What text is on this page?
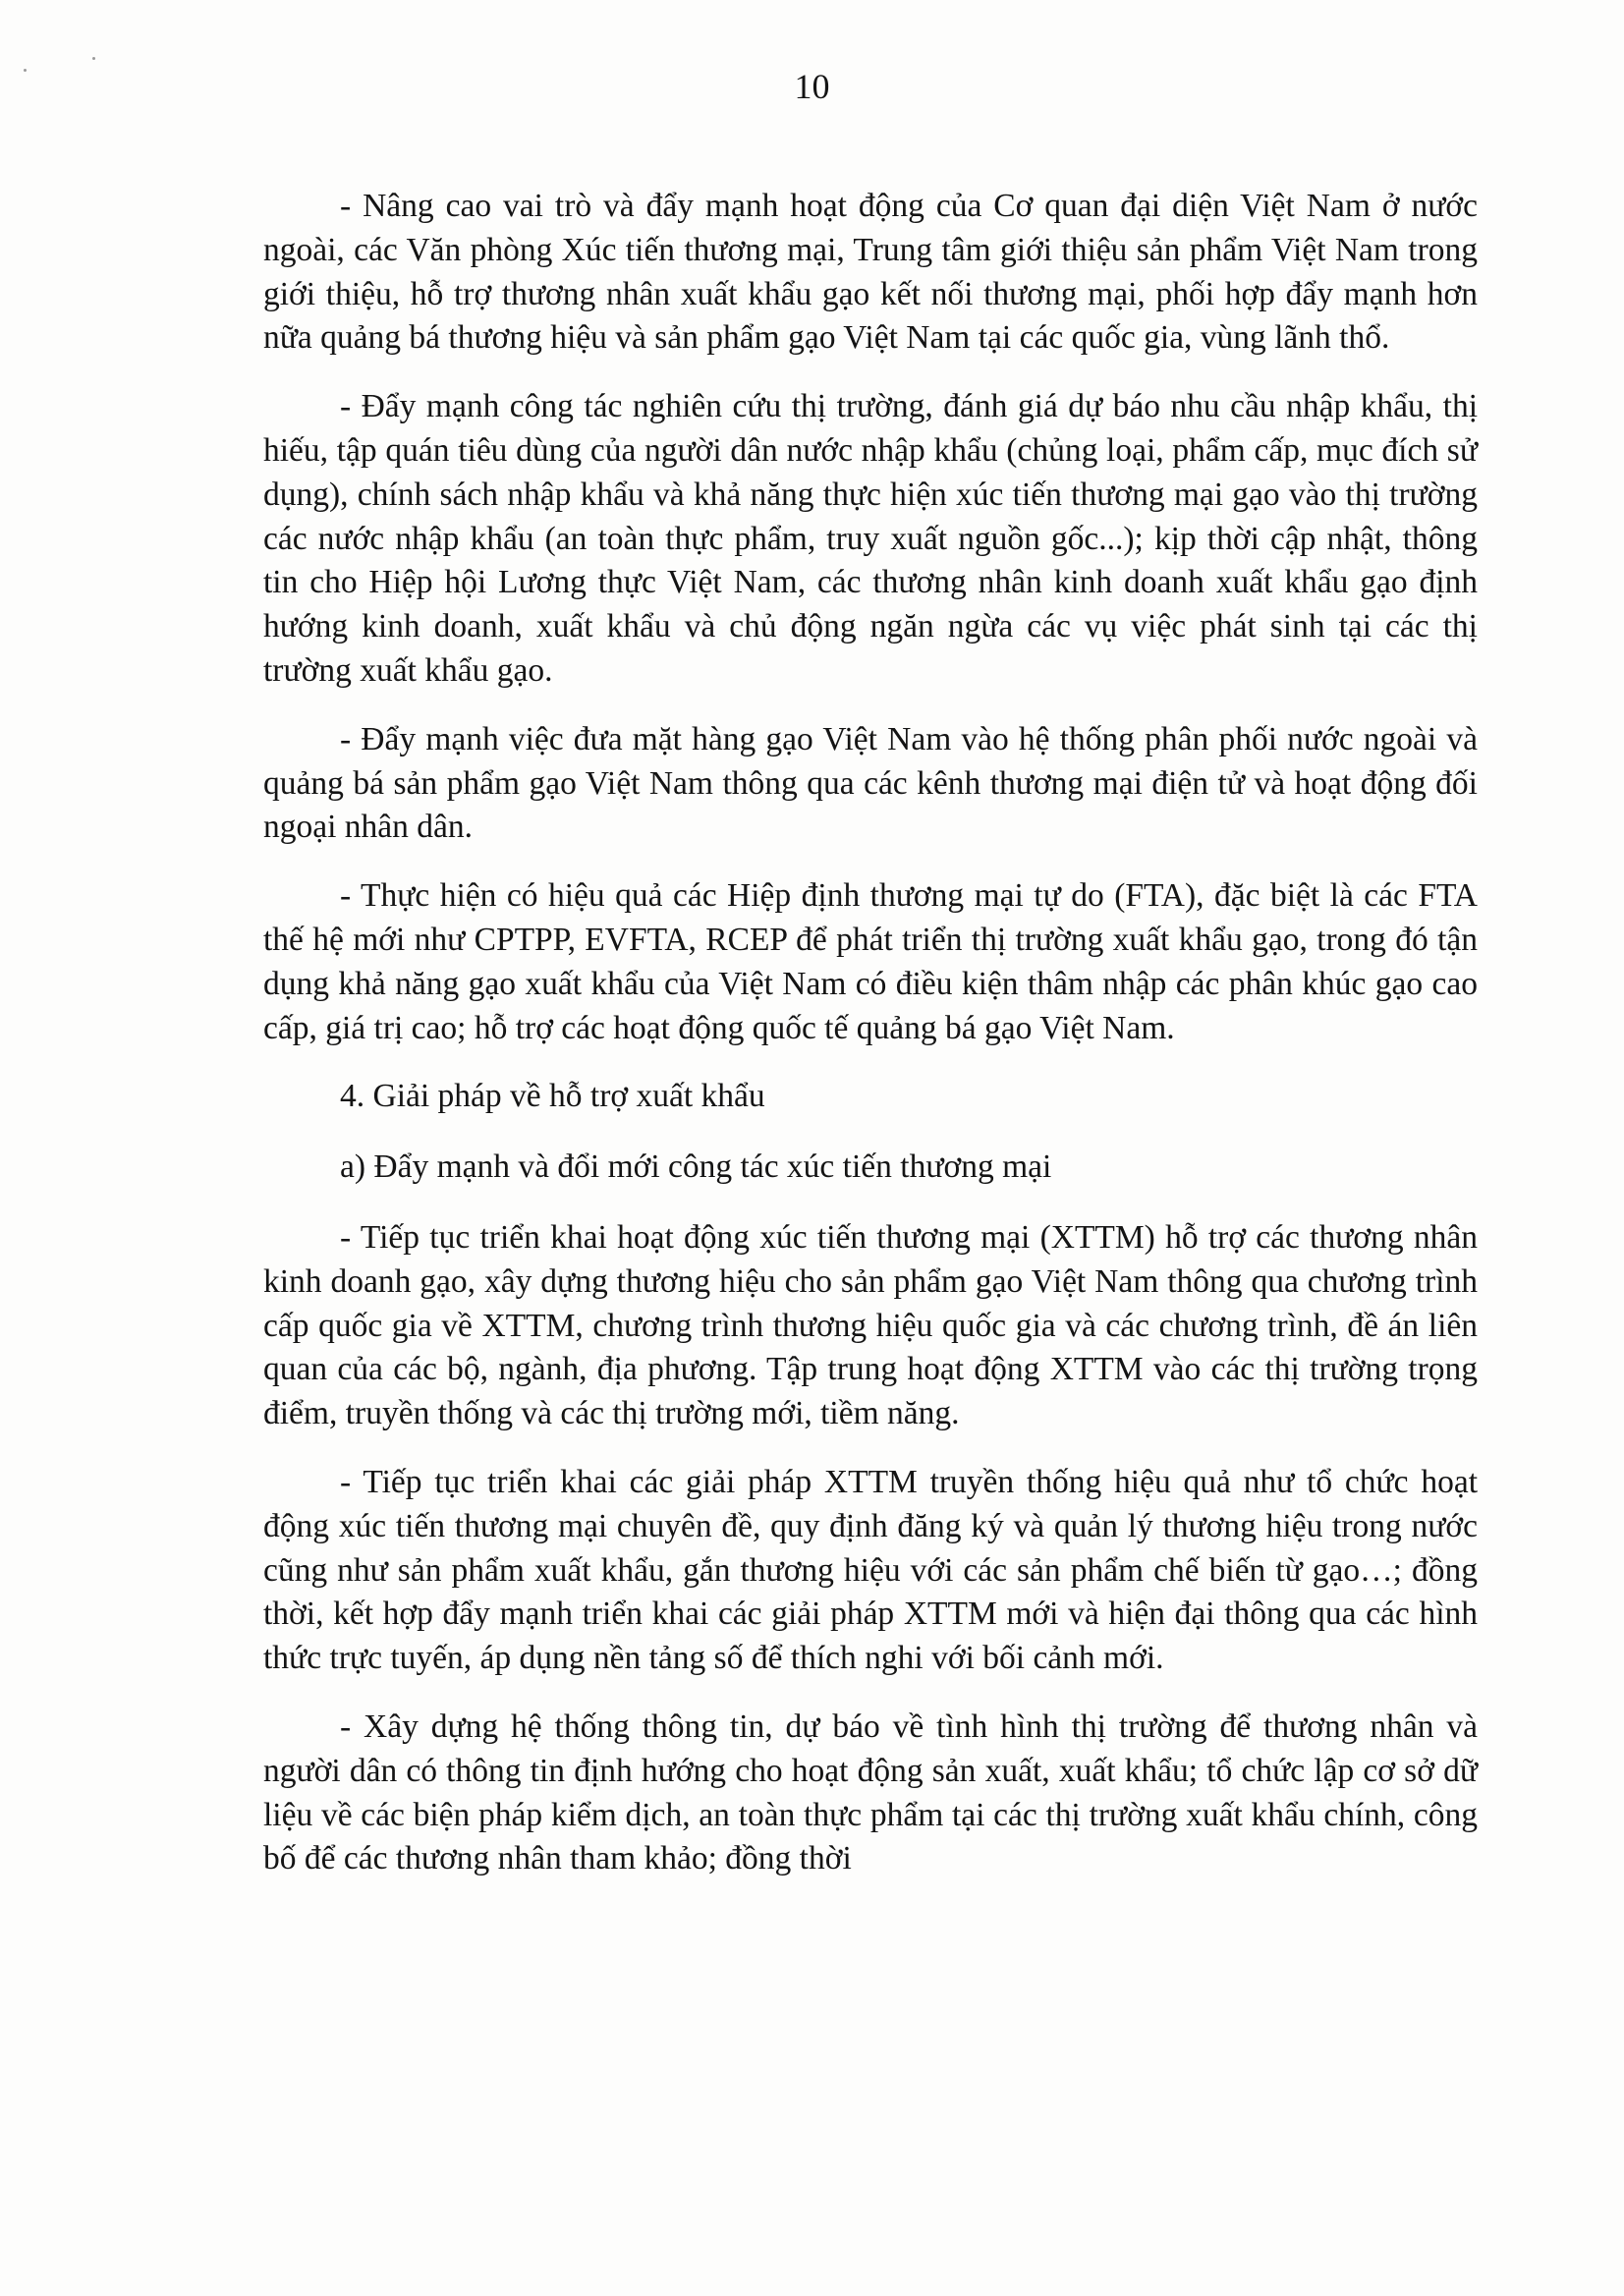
10

- Nâng cao vai trò và đẩy mạnh hoạt động của Cơ quan đại diện Việt Nam ở nước ngoài, các Văn phòng Xúc tiến thương mại, Trung tâm giới thiệu sản phẩm Việt Nam trong giới thiệu, hỗ trợ thương nhân xuất khẩu gạo kết nối thương mại, phối hợp đẩy mạnh hơn nữa quảng bá thương hiệu và sản phẩm gạo Việt Nam tại các quốc gia, vùng lãnh thổ.

- Đẩy mạnh công tác nghiên cứu thị trường, đánh giá dự báo nhu cầu nhập khẩu, thị hiếu, tập quán tiêu dùng của người dân nước nhập khẩu (chủng loại, phẩm cấp, mục đích sử dụng), chính sách nhập khẩu và khả năng thực hiện xúc tiến thương mại gạo vào thị trường các nước nhập khẩu (an toàn thực phẩm, truy xuất nguồn gốc...); kịp thời cập nhật, thông tin cho Hiệp hội Lương thực Việt Nam, các thương nhân kinh doanh xuất khẩu gạo định hướng kinh doanh, xuất khẩu và chủ động ngăn ngừa các vụ việc phát sinh tại các thị trường xuất khẩu gạo.

- Đẩy mạnh việc đưa mặt hàng gạo Việt Nam vào hệ thống phân phối nước ngoài và quảng bá sản phẩm gạo Việt Nam thông qua các kênh thương mại điện tử và hoạt động đối ngoại nhân dân.

- Thực hiện có hiệu quả các Hiệp định thương mại tự do (FTA), đặc biệt là các FTA thế hệ mới như CPTPP, EVFTA, RCEP để phát triển thị trường xuất khẩu gạo, trong đó tận dụng khả năng gạo xuất khẩu của Việt Nam có điều kiện thâm nhập các phân khúc gạo cao cấp, giá trị cao; hỗ trợ các hoạt động quốc tế quảng bá gạo Việt Nam.

4. Giải pháp về hỗ trợ xuất khẩu

a) Đẩy mạnh và đổi mới công tác xúc tiến thương mại

- Tiếp tục triển khai hoạt động xúc tiến thương mại (XTTM) hỗ trợ các thương nhân kinh doanh gạo, xây dựng thương hiệu cho sản phẩm gạo Việt Nam thông qua chương trình cấp quốc gia về XTTM, chương trình thương hiệu quốc gia và các chương trình, đề án liên quan của các bộ, ngành, địa phương. Tập trung hoạt động XTTM vào các thị trường trọng điểm, truyền thống và các thị trường mới, tiềm năng.

- Tiếp tục triển khai các giải pháp XTTM truyền thống hiệu quả như tổ chức hoạt động xúc tiến thương mại chuyên đề, quy định đăng ký và quản lý thương hiệu trong nước cũng như sản phẩm xuất khẩu, gắn thương hiệu với các sản phẩm chế biến từ gạo…; đồng thời, kết hợp đẩy mạnh triển khai các giải pháp XTTM mới và hiện đại thông qua các hình thức trực tuyến, áp dụng nền tảng số để thích nghi với bối cảnh mới.

- Xây dựng hệ thống thông tin, dự báo về tình hình thị trường để thương nhân và người dân có thông tin định hướng cho hoạt động sản xuất, xuất khẩu; tổ chức lập cơ sở dữ liệu về các biện pháp kiểm dịch, an toàn thực phẩm tại các thị trường xuất khẩu chính, công bố để các thương nhân tham khảo; đồng thời
